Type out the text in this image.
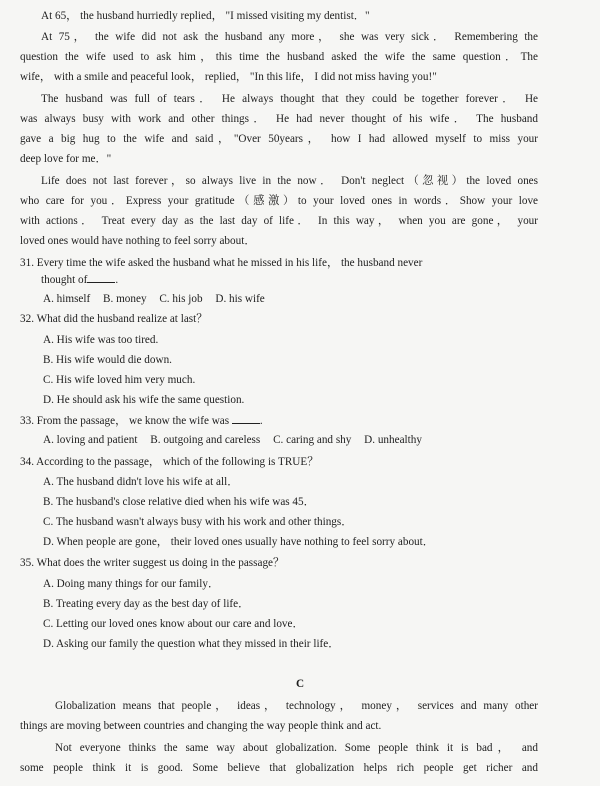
At 65， the husband hurriedly replied， "I missed visiting my dentist．"
At 75， the wife did not ask the husband any more， she was very sick． Remembering the
question the wife used to ask him，this time the husband asked the wife the same question．The
wife， with a smile and peaceful look， replied， "In this life， I did not miss having you!"
The husband was full of tears． He always thought that they could be together forever． He
was always busy with work and other things． He had never thought of his wife． The husband
gave a big hug to the wife and said，"Over 50years， how I had allowed myself to miss your
deep love for me．"
Life does not last forever，so always live in the now． Don't neglect（忽视）the loved ones
who care for you．Express your gratitude（感激）to your loved ones in words．Show your love
with actions． Treat every day as the last day of life． In this way， when you are gone， your
loved ones would have nothing to feel sorry about．
31. Every time the wife asked the husband what he missed in his life， the husband never
thought of	.
A. himself B. money C. his job D. his wife
32. What did the husband realize at last？
A. His wife was too tired.
B. His wife would die down.
C. His wife loved him very much.
D. He should ask his wife the same question.
33. From the passage， we know the wife was	.
A. loving and patient B. outgoing and careless C. caring and shy D. unhealthy
34. According to the passage， which of the following is TRUE？
A. The husband didn't love his wife at all．
B. The husband's close relative died when his wife was 45．
C. The husband wasn't always busy with his work and other things．
D. When people are gone， their loved ones usually have nothing to feel sorry about．
35. What does the writer suggest us doing in the passage？
A. Doing many things for our family．
B. Treating every day as the best day of life．
C. Letting our loved ones know about our care and love．
D. Asking our family the question what they missed in their life．
C
Globalization means that people， ideas， technology， money， services and many other
things are moving between countries and changing the way people think and act.
Not everyone thinks the same way about globalization. Some people think it is bad， and
some people think it is good. Some believe that globalization helps rich people get richer and
